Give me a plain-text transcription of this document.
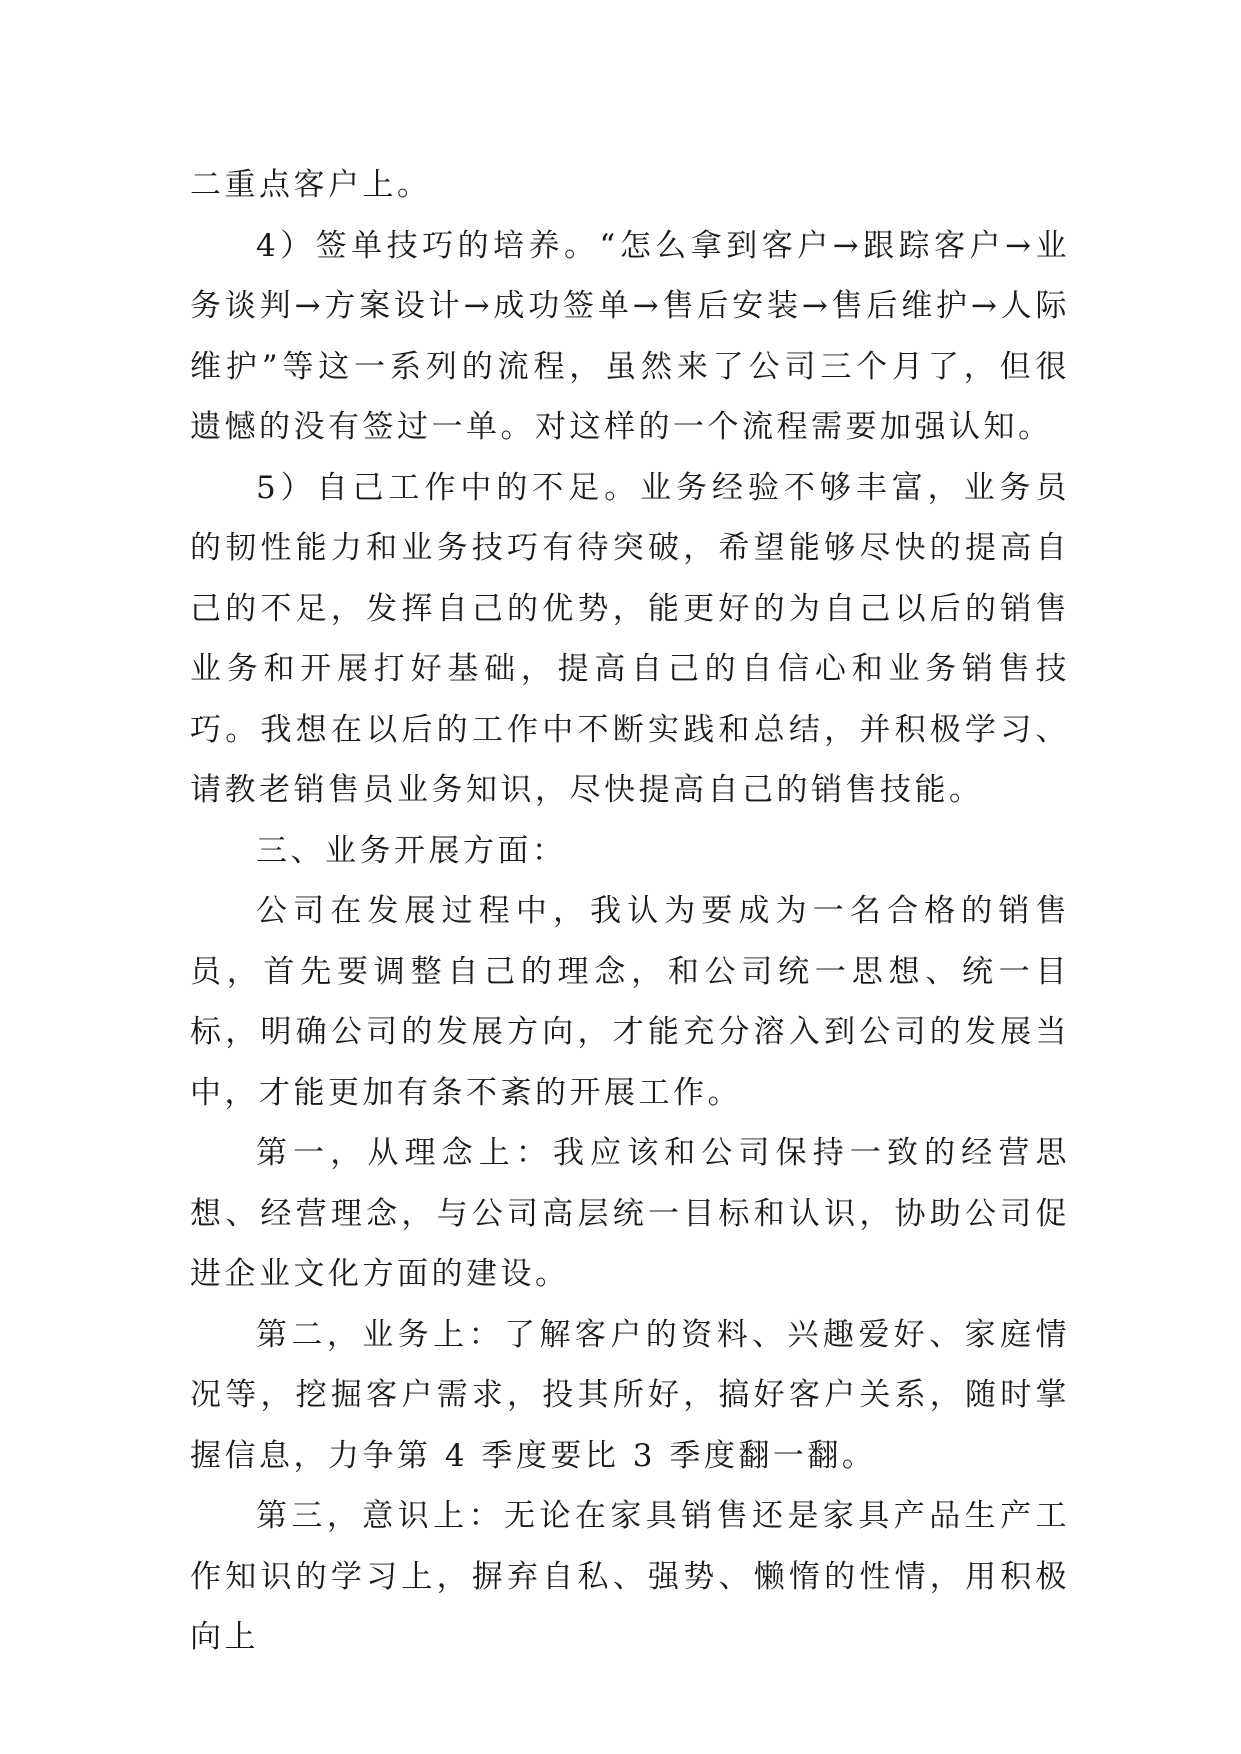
二重点客户上。

4）签单技巧的培养。“怎么拿到客户→跟踪客户→业务谈判→方案设计→成功签单→售后安装→售后维护→人际维护”等这一系列的流程，虽然来了公司三个月了，但很遗憾的没有签过一单。对这样的一个流程需要加强认知。

5）自己工作中的不足。业务经验不够丰富，业务员的韧性能力和业务技巧有待突破，希望能够尽快的提高自己的不足，发挥自己的优势，能更好的为自己以后的销售业务和开展打好基础，提高自己的自信心和业务销售技巧。我想在以后的工作中不断实践和总结，并积极学习、请教老销售员业务知识，尽快提高自己的销售技能。

三、业务开展方面：

公司在发展过程中，我认为要成为一名合格的销售员，首先要调整自己的理念，和公司统一思想、统一目标，明确公司的发展方向，才能充分溶入到公司的发展当中，才能更加有条不紊的开展工作。

第一，从理念上：我应该和公司保持一致的经营思想、经营理念，与公司高层统一目标和认识，协助公司促进企业文化方面的建设。

第二，业务上：了解客户的资料、兴趣爱好、家庭情况等，挖掘客户需求，投其所好，搞好客户关系，随时掌握信息，力争第 4 季度要比 3 季度翻一翻。

第三，意识上：无论在家具销售还是家具产品生产工作知识的学习上，摒弃自私、强势、懒惰的性情，用积极向上
